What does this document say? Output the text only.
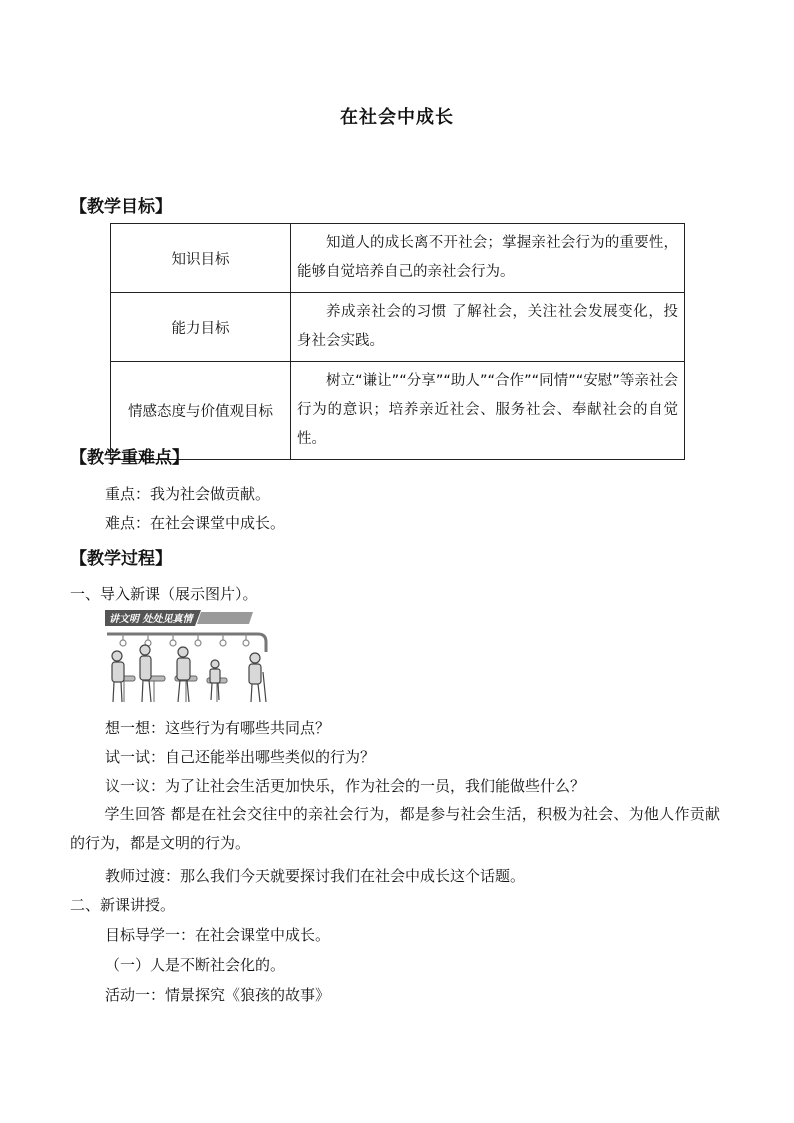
在社会中成长
【教学目标】
知识目标	知道人的成长离不开社会；掌握亲社会行为的重要性，能够自觉培养自己的亲社会行为。
能力目标	养成亲社会的习惯 了解社会，关注社会发展变化，投身社会实践。
情感态度与价值观目标	树立“谦让”“分享”“助人”“合作”“同情”“安慰”等亲社会行为的意识；培养亲近社会、服务社会、奉献社会的自觉性。
【教学重难点】
重点：我为社会做贡献。
难点：在社会课堂中成长。
【教学过程】
一、导入新课（展示图片）。
讲文明 处处见真情
想一想：这些行为有哪些共同点？
试一试：自己还能举出哪些类似的行为？
议一议：为了让社会生活更加快乐，作为社会的一员，我们能做些什么？
学生回答 都是在社会交往中的亲社会行为，都是参与社会生活，积极为社会、为他人作贡献的行为，都是文明的行为。
教师过渡：那么我们今天就要探讨我们在社会中成长这个话题。
二、新课讲授。
目标导学一：在社会课堂中成长。
（一）人是不断社会化的。
活动一：情景探究《狼孩的故事》
